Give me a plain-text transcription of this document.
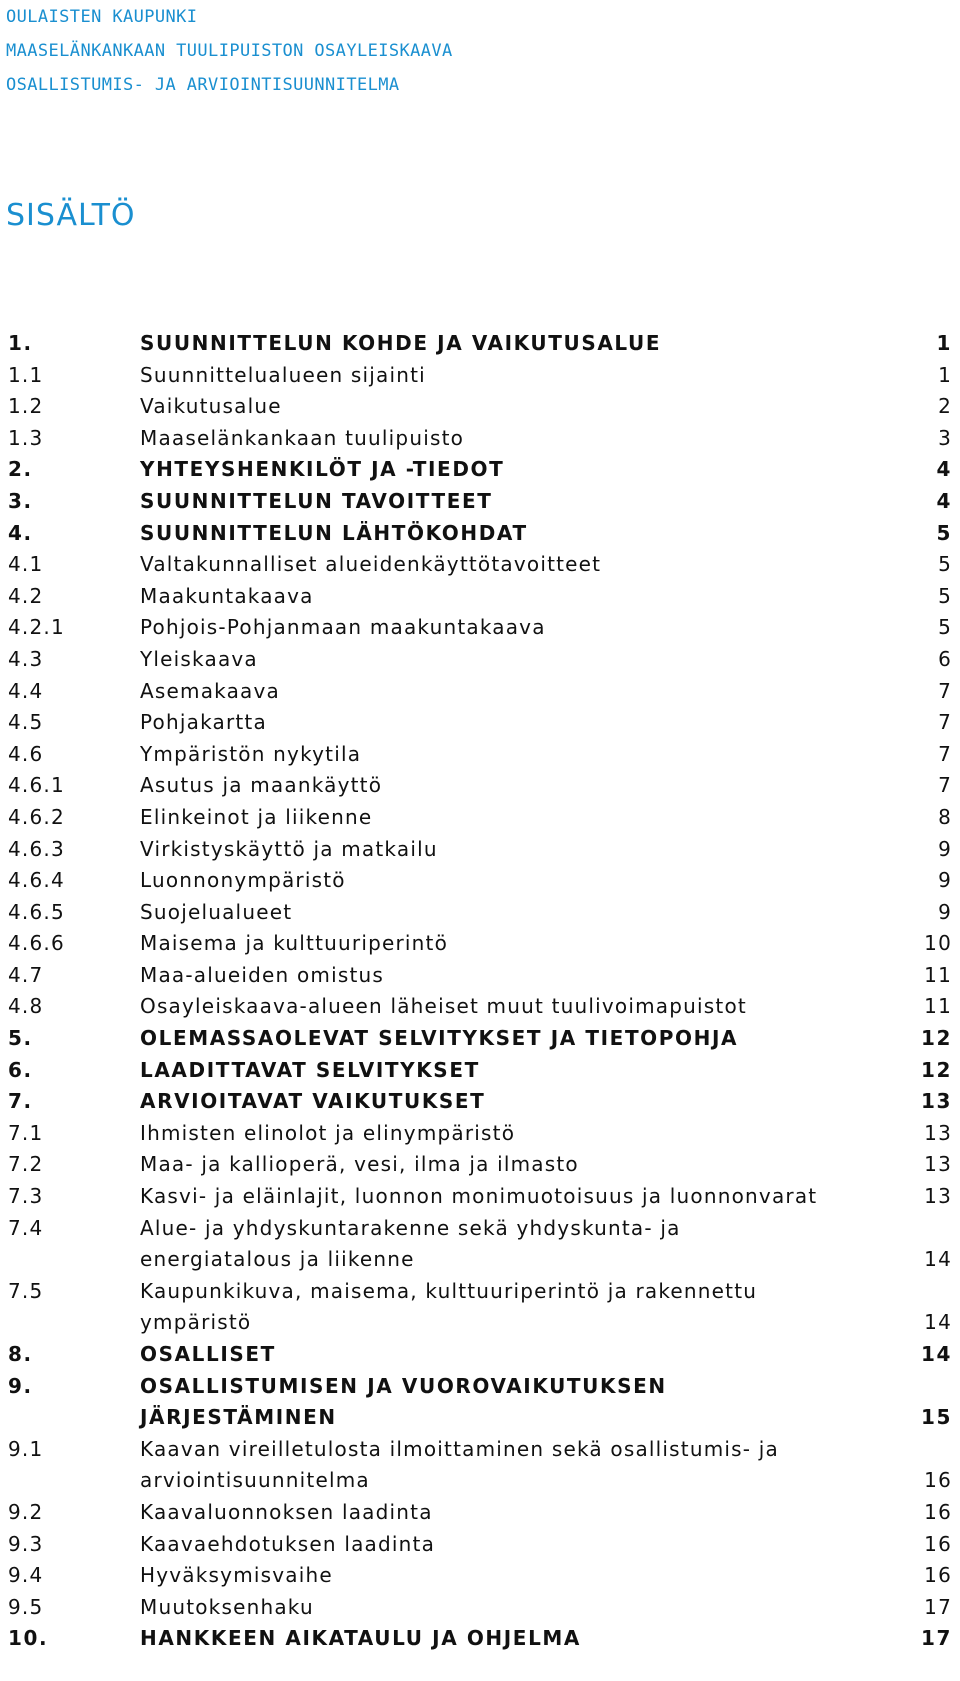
OULAISTEN KAUPUNKI
MAASELÄNKANKAAN TUULIPUISTON OSAYLEISKAAVA
OSALLISTUMIS- JA ARVIOINTISUUNNITELMA
SISÄLTÖ
1.	SUUNNITTELUN KOHDE JA VAIKUTUSALUE	1
1.1	Suunnittelualueen sijainti	1
1.2	Vaikutusalue	2
1.3	Maaselänkankaan tuulipuisto	3
2.	YHTEYSHENKILÖT JA -TIEDOT	4
3.	SUUNNITTELUN TAVOITTEET	4
4.	SUUNNITTELUN LÄHTÖKOHDAT	5
4.1	Valtakunnalliset alueidenkäyttötavoitteet	5
4.2	Maakuntakaava	5
4.2.1	Pohjois-Pohjanmaan maakuntakaava	5
4.3	Yleiskaava	6
4.4	Asemakaava	7
4.5	Pohjakartta	7
4.6	Ympäristön nykytila	7
4.6.1	Asutus ja maankäyttö	7
4.6.2	Elinkeinot ja liikenne	8
4.6.3	Virkistyskäyttö ja matkailu	9
4.6.4	Luonnonympäristö	9
4.6.5	Suojelualueet	9
4.6.6	Maisema ja kulttuuriperintö	10
4.7	Maa-alueiden omistus	11
4.8	Osayleiskaava-alueen läheiset muut tuulivoimapuistot	11
5.	OLEMASSAOLEVAT SELVITYKSET JA TIETOPOHJA	12
6.	LAADITTAVAT SELVITYKSET	12
7.	ARVIOITAVAT VAIKUTUKSET	13
7.1	Ihmisten elinolot ja elinympäristö	13
7.2	Maa- ja kallioperä, vesi, ilma ja ilmasto	13
7.3	Kasvi- ja eläinlajit, luonnon monimuotoisuus ja luonnonvarat	13
7.4	Alue- ja yhdyskuntarakenne sekä yhdyskunta- ja
energiatalous ja liikenne	14
7.5	Kaupunkikuva, maisema, kulttuuriperintö ja rakennettu
ympäristö	14
8.	OSALLISET	14
9.	OSALLISTUMISEN JA VUOROVAIKUTUKSEN
JÄRJESTÄMINEN	15
9.1	Kaavan vireilletulosta ilmoittaminen sekä osallistumis- ja
arviointisuunnitelma	16
9.2	Kaavaluonnoksen laadinta	16
9.3	Kaavaehdotuksen laadinta	16
9.4	Hyväksymisvaihe	16
9.5	Muutoksenhaku	17
10.	HANKKEEN AIKATAULU JA OHJELMA	17
